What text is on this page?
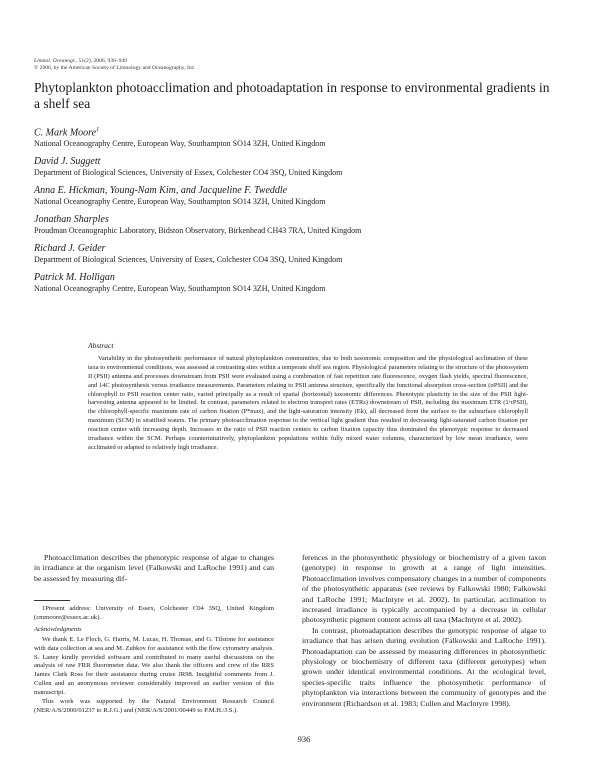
Limnol. Oceanogr., 51(2), 2006, 936–949
© 2006, by the American Society of Limnology and Oceanography, Inc.
Phytoplankton photoacclimation and photoadaptation in response to environmental gradients in a shelf sea
C. Mark Moore$^1$
National Oceanography Centre, European Way, Southampton SO14 3ZH, United Kingdom
David J. Suggett
Department of Biological Sciences, University of Essex, Colchester CO4 3SQ, United Kingdom
Anna E. Hickman, Young-Nam Kim, and Jacqueline F. Tweddle
National Oceanography Centre, European Way, Southampton SO14 3ZH, United Kingdom
Jonathan Sharples
Proudman Oceanographic Laboratory, Bidston Observatory, Birkenhead CH43 7RA, United Kingdom
Richard J. Geider
Department of Biological Sciences, University of Essex, Colchester CO4 3SQ, United Kingdom
Patrick M. Holligan
National Oceanography Centre, European Way, Southampton SO14 3ZH, United Kingdom
Abstract

Variability in the photosynthetic performance of natural phytoplankton communities, due to both taxonomic composition and the physiological acclimation of these taxa to environmental conditions, was assessed at contrasting sites within a temperate shelf sea region. Physiological parameters relating to the structure of the photosystem II (PSII) antenna and processes downstream from PSII were evaluated using a combination of fast repetition rate fluorescence, oxygen flash yields, spectral fluorescence, and 14C photosynthesis versus irradiance measurements. Parameters relating to PSII antenna structure, specifically the functional absorption cross-section (σPSII) and the chlorophyll to PSII reaction center ratio, varied principally as a result of spatial (horizontal) taxonomic differences. Phenotypic plasticity in the size of the PSII light-harvesting antenna appeared to be limited. In contrast, parameters related to electron transport rates (ETRs) downstream of PSII, including the maximum ETR (1/τPSII), the chlorophyll-specific maximum rate of carbon fixation (P*max), and the light-saturation intensity (Ek), all decreased from the surface to the subsurface chlorophyll maximum (SCM) in stratified waters. The primary photoacclimation response to the vertical light gradient thus resulted in decreasing light-saturated carbon fixation per reaction center with increasing depth. Increases in the ratio of PSII reaction centers to carbon fixation capacity thus dominated the phenotypic response to decreased irradiance within the SCM. Perhaps counterintuitively, phytoplankton populations within fully mixed water columns, characterized by low mean irradiance, were acclimated or adapted to relatively high irradiance.

Photoacclimation describes the phenotypic response of algae to changes in irradiance at the organism level (Falkowski and LaRoche 1991) and can be assessed by measuring dif-

1Present address: University of Essex, Colchester C04 3SQ, United Kingdom (cmmoore@essex.ac.uk).

Acknowledgments

We thank E. Le Floch, G. Harris, M. Lucas, H. Thomas, and G. Tilstone for assistance with data collection at sea and M. Zubkov for assistance with the flow cytometry analysis. S. Laney kindly provided software and contributed to many useful discussions on the analysis of raw FRR fluorometer data. We also thank the officers and crew of the RRS James Clark Ross for their assistance during cruise JR98. Insightful comments from J. Cullen and an anonymous reviewer considerably improved an earlier version of this manuscript.

This work was supported by the Natural Environment Research Council (NER/A/S/2000/01237 to R.J.G.) and (NER/A/S/2001/00449 to P.M.H./J.S.).

ferences in the photosynthetic physiology or biochemistry of a given taxon (genotype) in response to growth at a range of light intensities. Photoacclimation involves compensatory changes in a number of components of the photosynthetic apparatus (see reviews by Falkowski 1980; Falkowski and LaRoche 1991; MacIntyre et al. 2002). In particular, acclimation to increased irradiance is typically accompanied by a decrease in cellular photosynthetic pigment content across all taxa (MacIntyre et al. 2002).

In contrast, photoadaptation describes the genotypic response of algae to irradiance that has arisen during evolution (Falkowski and LaRoche 1991). Photoadaptation can be assessed by measuring differences in photosynthetic physiology or biochemistry of different taxa (different genotypes) when grown under identical environmental conditions. At the ecological level, species-specific traits influence the photosynthetic performance of phytoplankton via interactions between the community of genotypes and the environment (Richardson et al. 1983; Cullen and MacIntyre 1998).

936
